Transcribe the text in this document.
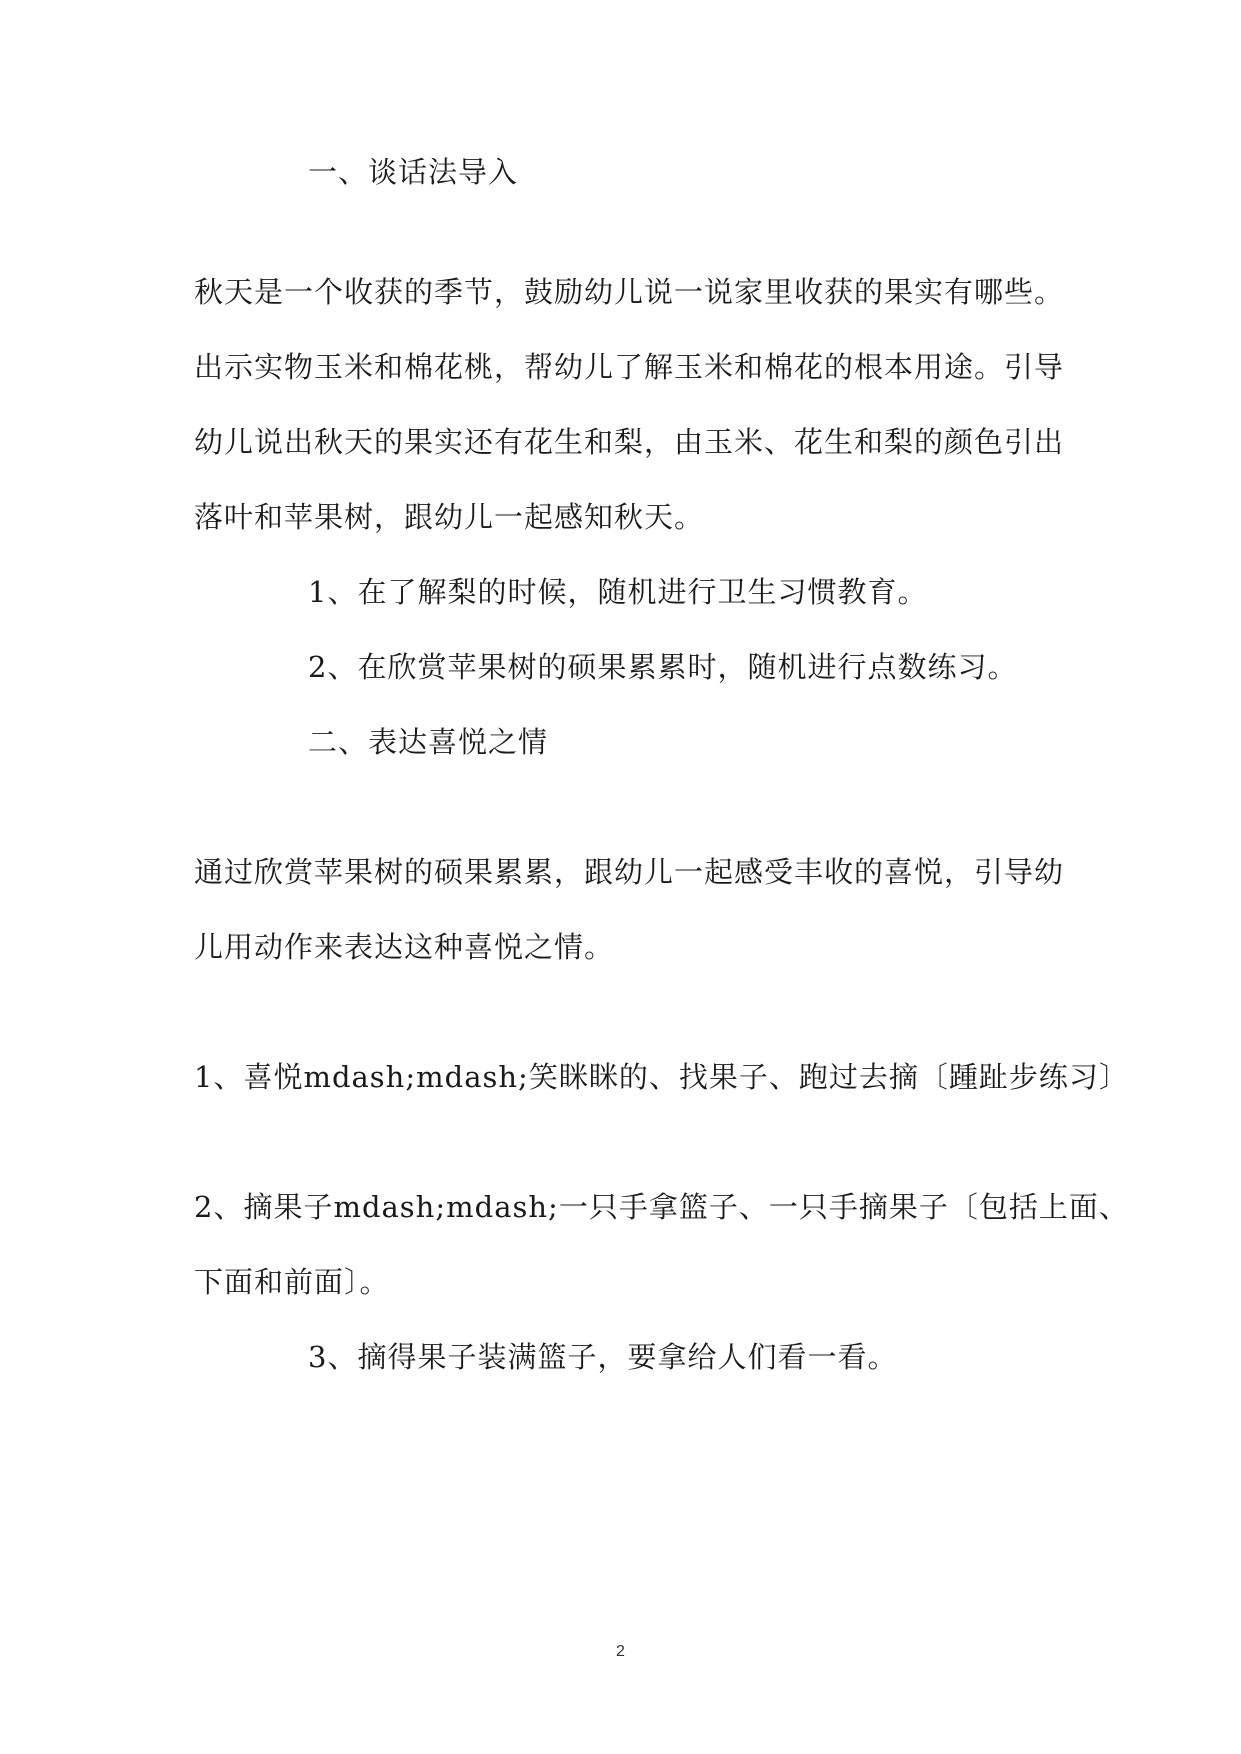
一、谈话法导入
秋天是一个收获的季节，鼓励幼儿说一说家里收获的果实有哪些。
出示实物玉米和棉花桃，帮幼儿了解玉米和棉花的根本用途。引导
幼儿说出秋天的果实还有花生和梨，由玉米、花生和梨的颜色引出
落叶和苹果树，跟幼儿一起感知秋天。
1、在了解梨的时候，随机进行卫生习惯教育。
2、在欣赏苹果树的硕果累累时，随机进行点数练习。
二、表达喜悦之情
通过欣赏苹果树的硕果累累，跟幼儿一起感受丰收的喜悦，引导幼
儿用动作来表达这种喜悦之情。
1、喜悦mdash;mdash;笑眯眯的、找果子、跑过去摘〔踵趾步练习〕
2、摘果子mdash;mdash;一只手拿篮子、一只手摘果子〔包括上面、
下面和前面〕。
3、摘得果子装满篮子，要拿给人们看一看。
2
